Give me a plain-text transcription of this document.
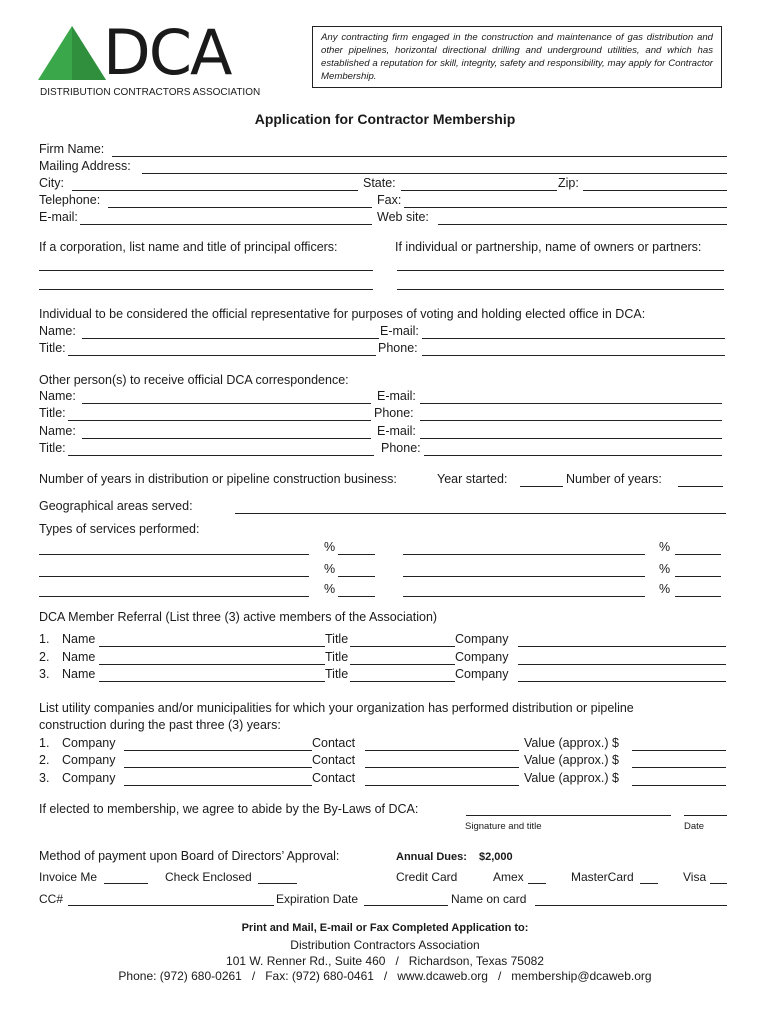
DCA
DISTRIBUTION CONTRACTORS ASSOCIATION
Any contracting firm engaged in the construction and maintenance of gas distribution and other pipelines, horizontal directional drilling and underground utilities, and which has established a reputation for skill, integrity, safety and responsibility, may apply for Contractor Membership.
Application for Contractor Membership
Firm Name:
Mailing Address:
City:	State:	Zip:
Telephone:	Fax:
E-mail:	Web site:
If a corporation, list name and title of principal officers:	If individual or partnership, name of owners or partners:
Individual to be considered the official representative for purposes of voting and holding elected office in DCA:
Name:	E-mail:
Title:	Phone:
Other person(s) to receive official DCA correspondence:
Name:	E-mail:
Title:	Phone:
Name:	E-mail:
Title:	Phone:
Number of years in distribution or pipeline construction business:	Year started:	Number of years:
Geographical areas served:
Types of services performed:
%	%
%	%
%	%
DCA Member Referral (List three (3) active members of the Association)
1. Name	Title	Company
2. Name	Title	Company
3. Name	Title	Company
List utility companies and/or municipalities for which your organization has performed distribution or pipeline
construction during the past three (3) years:
1. Company	Contact	Value (approx.) $
2. Company	Contact	Value (approx.) $
3. Company	Contact	Value (approx.) $
If elected to membership, we agree to abide by the By-Laws of DCA:
Signature and title	Date
Method of payment upon Board of Directors’ Approval:	Annual Dues: $2,000
Invoice Me	Check Enclosed	Credit Card	Amex	MasterCard	Visa
CC#	Expiration Date	Name on card
Print and Mail, E-mail or Fax Completed Application to:
Distribution Contractors Association
101 W. Renner Rd., Suite 460   /   Richardson, Texas 75082
Phone: (972) 680-0261   /   Fax: (972) 680-0461   /   www.dcaweb.org   /   membership@dcaweb.org
